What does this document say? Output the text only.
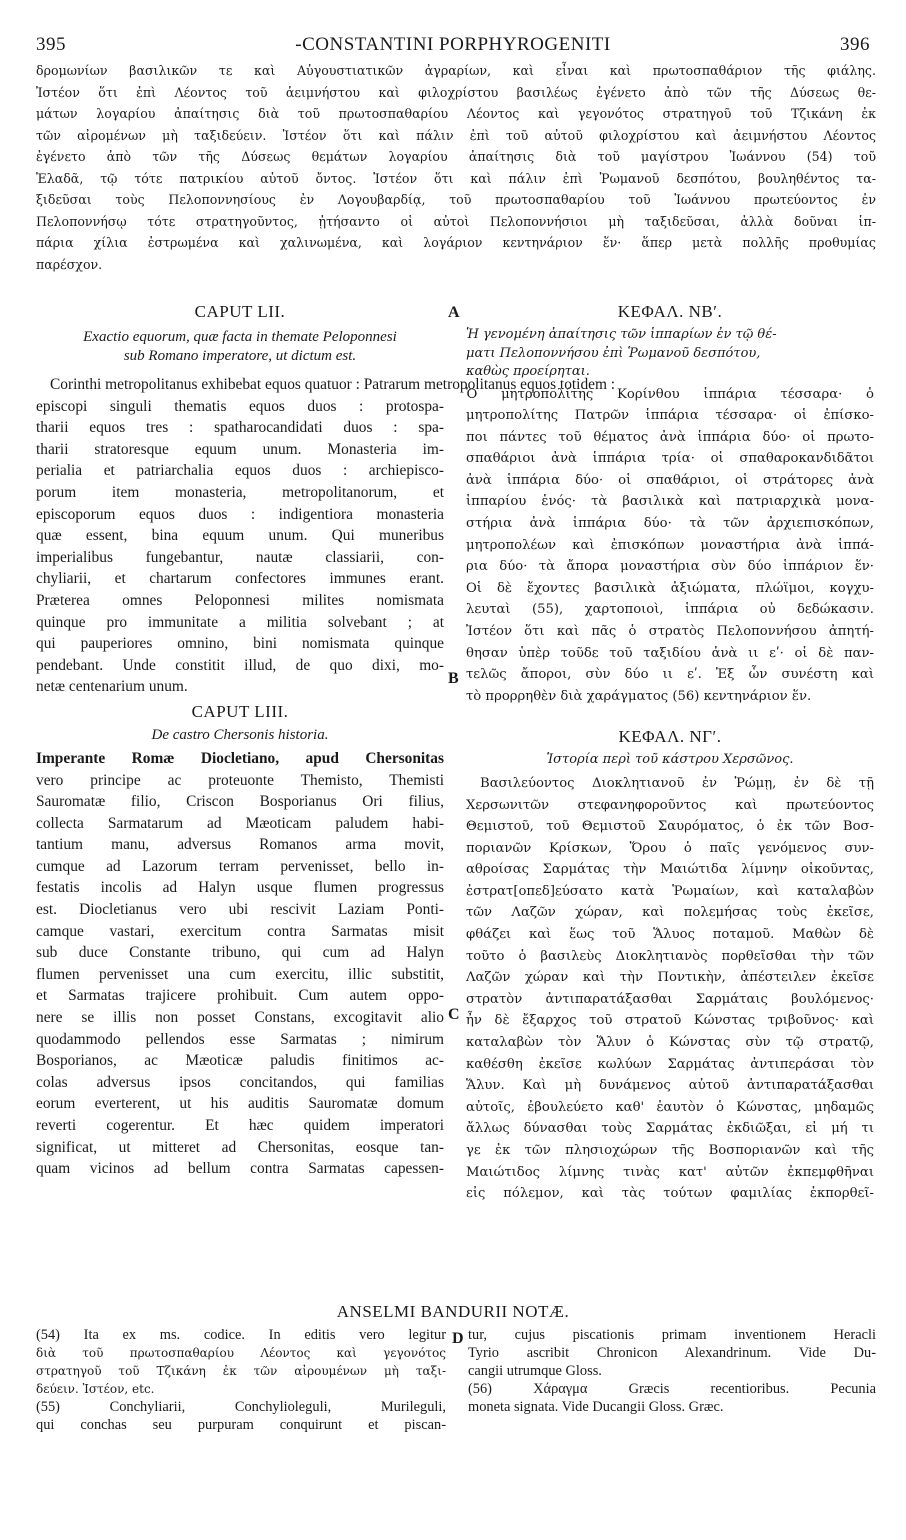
395	-CONSTANTINI PORPHYROGENITI	396
δρομωνίων βασιλικῶν τε καὶ Αὐγουστιατικῶν ἀγραρίων, καὶ εἶναι καὶ πρωτοσπαθάριον τῆς φιάλης.
Ἰστέον ὅτι ἐπὶ Λέοντος τοῦ ἀειμνήστου καὶ φιλοχρίστου βασιλέως ἐγένετο ἀπὸ τῶν τῆς Δύσεως θε-
μάτων λογαρίου ἀπαίτησις διὰ τοῦ πρωτοσπαθαρίου Λέοντος καὶ γεγονότος στρατηγοῦ τοῦ Τζικάνη ἐκ
τῶν αἰρομένων μὴ ταξιδεύειν. Ἰστέον ὅτι καὶ πάλιν ἐπὶ τοῦ αὐτοῦ φιλοχρίστου καὶ ἀειμνήστου Λέοντος
ἐγένετο ἀπὸ τῶν τῆς Δύσεως θεμάτων λογαρίου ἀπαίτησις διὰ τοῦ μαγίστρου Ἰωάννου (54) τοῦ
Ἐλαδᾶ, τῷ τότε πατρικίου αὐτοῦ ὄντος. Ἰστέον ὅτι καὶ πάλιν ἐπὶ Ῥωμανοῦ δεσπότου, βουληθέντος τα-
ξιδεῦσαι τοὺς Πελοποννησίους ἐν Λογουβαρδίᾳ, τοῦ πρωτοσπαθαρίου τοῦ Ἰωάννου πρωτεύοντος ἐν
Πελοποννήσῳ τότε στρατηγοῦντος, ᾐτήσαντο οἱ αὐτοὶ Πελοποννήσιοι μὴ ταξιδεῦσαι, ἀλλὰ δοῦναι ἱπ-
πάρια χίλια ἐστρωμένα καὶ χαλινωμένα, καὶ λογάριον κεντηνάριον ἕν· ἅπερ μετὰ πολλῆς προθυμίας
παρέσχον.
A
B
C
D
CAPUT LII.
Exactio equorum, quæ facta in themate Peloponnesi
sub Romano imperatore, ut dictum est.
Corinthi metropolitanus exhibebat equos quatuor : Patrarum metropolitanus equos totidem :
episcopi singuli thematis equos duos : protospa-
tharii equos tres : spatharocandidati duos : spa-
tharii stratoresque equum unum. Monasteria im-
perialia et patriarchalia equos duos : archiepisco-
porum item monasteria, metropolitanorum, et
episcoporum equos duos : indigentiora monasteria
quæ essent, bina equum unum. Qui muneribus
imperialibus fungebantur, nautæ classiarii, con-
chyliarii, et chartarum confectores immunes erant.
Præterea omnes Peloponnesi milites nomismata
quinque pro immunitate a militia solvebant ; at
qui pauperiores omnino, bini nomismata quinque
pendebant. Unde constitit illud, de quo dixi, mo-
netæ centenarium unum.
CAPUT LIII.
De castro Chersonis historia.
Imperante Romæ Diocletiano, apud Chersonitas
vero principe ac proteuonte Themisto, Themisti
Sauromatæ filio, Criscon Bosporianus Ori filius,
collecta Sarmatarum ad Mæoticam paludem habi-
tantium manu, adversus Romanos arma movit,
cumque ad Lazorum terram pervenisset, bello in-
festatis incolis ad Halyn usque flumen progressus
est. Diocletianus vero ubi rescivit Laziam Ponti-
camque vastari, exercitum contra Sarmatas misit
sub duce Constante tribuno, qui cum ad Halyn
flumen pervenisset una cum exercitu, illic substitit,
et Sarmatas trajicere prohibuit. Cum autem oppo-
nere se illis non posset Constans, excogitavit alio
quodammodo pellendos esse Sarmatas ; nimirum
Bosporianos, ac Mæoticæ paludis finitimos ac-
colas adversus ipsos concitandos, qui familias
eorum everterent, ut his auditis Sauromatæ domum
reverti cogerentur. Et hæc quidem imperatori
significat, ut mitteret ad Chersonitas, eosque tan-
quam vicinos ad bellum contra Sarmatas capessen-
ΚΕΦΑΛ. ΝΒʹ.
Ἡ γενομένη ἀπαίτησις τῶν ἱππαρίων ἐν τῷ θέ-
ματι Πελοποννήσου ἐπὶ Ῥωμανοῦ δεσπότου,
καθὼς προείρηται.
Ὁ μητροπολίτης Κορίνθου ἱππάρια τέσσαρα· ὁ
μητροπολίτης Πατρῶν ἱππάρια τέσσαρα· οἱ ἐπίσκο-
ποι πάντες τοῦ θέματος ἀνὰ ἱππάρια δύο· οἱ πρωτο-
σπαθάριοι ἀνὰ ἱππάρια τρία· οἱ σπαθαροκανδιδᾶτοι
ἀνὰ ἱππάρια δύο· οἱ σπαθάριοι, οἱ στράτορες ἀνὰ
ἱππαρίου ἑνός· τὰ βασιλικὰ καὶ πατριαρχικὰ μονα-
στήρια ἀνὰ ἱππάρια δύο· τὰ τῶν ἀρχιεπισκόπων,
μητροπολέων καὶ ἐπισκόπων μοναστήρια ἀνὰ ἱππά-
ρια δύο· τὰ ἄπορα μοναστήρια σὺν δύο ἱππάριον ἕν·
Οἱ δὲ ἔχοντες βασιλικὰ ἀξιώματα, πλώϊμοι, κογχυ-
λευταὶ (55), χαρτοποιοὶ, ἱππάρια οὐ δεδώκασιν.
Ἰστέον ὅτι καὶ πᾶς ὁ στρατὸς Πελοποννήσου ἀπητή-
θησαν ὑπὲρ τοῦδε τοῦ ταξιδίου ἀνὰ ιι εʹ· οἱ δὲ παν-
τελῶς ἄποροι, σὺν δύο ιι εʹ. Ἐξ ὧν συνέστη καὶ
τὸ προρρηθὲν διὰ χαράγματος (56) κεντηνάριον ἕν.
ΚΕΦΑΛ. ΝΓʹ.
Ἱστορία περὶ τοῦ κάστρου Χερσῶνος.
Βασιλεύοντος Διοκλητιανοῦ ἐν Ῥώμῃ, ἐν δὲ τῇ
Χερσωνιτῶν στεφανηφοροῦντος καὶ πρωτεύοντος
Θεμιστοῦ, τοῦ Θεμιστοῦ Σαυρόματος, ὁ ἐκ τῶν Βοσ-
ποριανῶν Κρίσκων, Ὅρου ὁ παῖς γενόμενος συν-
αθροίσας Σαρμάτας τὴν Μαιώτιδα λίμνην οἰκοῦντας,
ἐστρατ[οπεδ]εύσατο κατὰ Ῥωμαίων, καὶ καταλαβὼν
τῶν Λαζῶν χώραν, καὶ πολεμήσας τοὺς ἐκεῖσε,
φθάζει καὶ ἕως τοῦ Ἅλυος ποταμοῦ. Μαθὼν δὲ
τοῦτο ὁ βασιλεὺς Διοκλητιανὸς πορθεῖσθαι τὴν τῶν
Λαζῶν χώραν καὶ τὴν Ποντικὴν, ἀπέστειλεν ἐκεῖσε
στρατὸν ἀντιπαρατάξασθαι Σαρμάταις βουλόμενος·
ἦν δὲ ἔξαρχος τοῦ στρατοῦ Κώνστας τριβοῦνος· καὶ
καταλαβὼν τὸν Ἅλυν ὁ Κώνστας σὺν τῷ στρατῷ,
καθέσθη ἐκεῖσε κωλύων Σαρμάτας ἀντιπεράσαι τὸν
Ἅλυν. Καὶ μὴ δυνάμενος αὐτοῦ ἀντιπαρατάξασθαι
αὐτοῖς, ἐβουλεύετο καθ' ἑαυτὸν ὁ Κώνστας, μηδαμῶς
ἄλλως δύνασθαι τοὺς Σαρμάτας ἐκδιῶξαι, εἰ μή τι
γε ἐκ τῶν πλησιοχώρων τῆς Βοσποριανῶν καὶ τῆς
Μαιώτιδος λίμνης τινὰς κατ' αὐτῶν ἐκπεμφθῆναι
εἰς πόλεμον, καὶ τὰς τούτων φαμιλίας ἐκπορθεῖ-
ANSELMI BANDURII NOTÆ.
(54) Ita ex ms. codice. In editis vero legitur
διὰ τοῦ πρωτοσπαθαρίου Λέοντος καὶ γεγονότος
στρατηγοῦ τοῦ Τζικάνη ἐκ τῶν αἰρουμένων μὴ ταξι-
δεύειν. Ἰστέον, etc.
(55) Conchyliarii, Conchylioleguli, Murileguli,
qui conchas seu purpuram conquirunt et piscan-
tur, cujus piscationis primam inventionem Heracli
Tyrio ascribit Chronicon Alexandrinum. Vide Du-
cangii utrumque Gloss.
(56) Χάραγμα Græcis recentioribus. Pecunia
moneta signata. Vide Ducangii Gloss. Græc.
